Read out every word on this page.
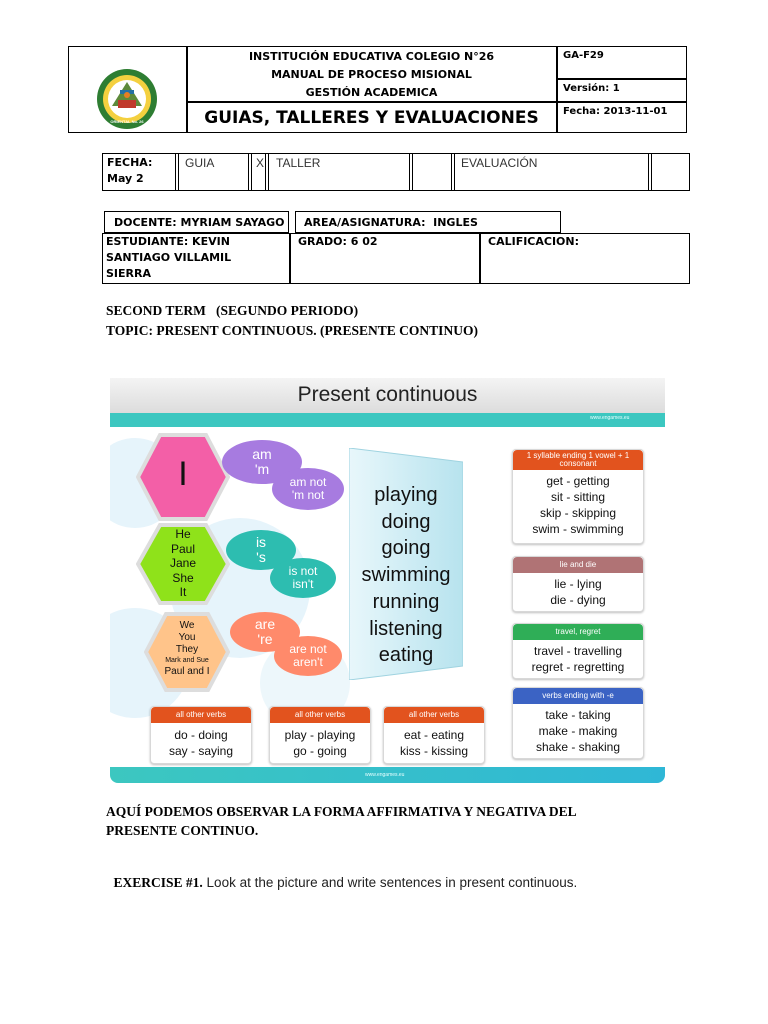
ORIENTAL No. 26
INSTITUCIÓN EDUCATIVA COLEGIO N°26
MANUAL DE PROCESO MISIONAL
GESTIÓN ACADEMICA
GUIAS, TALLERES Y EVALUACIONES
GA-F29
Versión: 1
Fecha: 2013-11-01
FECHA:
May 2
GUIA	X TALLER	EVALUACIÓN
DOCENTE: MYRIAM SAYAGO AREA/ASIGNATURA:  INGLES
ESTUDIANTE: KEVIN
SANTIAGO VILLAMIL
SIERRA
GRADO: 6 02	CALIFICACION:
SECOND TERM   (SEGUNDO PERIODO)
TOPIC: PRESENT CONTINUOUS. (PRESENTE CONTINUO)
Present continuous
www.engames.eu
I
He
Paul
Jane
She
It
We
You
They
Mark and Sue
Paul and I
am
'm
am not
'm not
is
's
is not
isn't
are
're
are not
aren't
playing
doing
going
swimming
running
listening
eating
1 syllable ending 1 vowel + 1 consonant
get - getting
sit - sitting
skip - skipping
swim - swimming
lie and die
lie - lying
die - dying
travel, regret
travel - travelling
regret - regretting
verbs ending with -e
take - taking
make - making
shake - shaking
all other verbs
do - doing
say - saying
all other verbs
play - playing
go - going
all other verbs
eat - eating
kiss - kissing
www.engames.eu
AQUÍ PODEMOS OBSERVAR LA FORMA AFFIRMATIVA Y NEGATIVA DEL
PRESENTE CONTINUO.

EXERCISE #1. Look at the picture and write sentences in present continuous.
